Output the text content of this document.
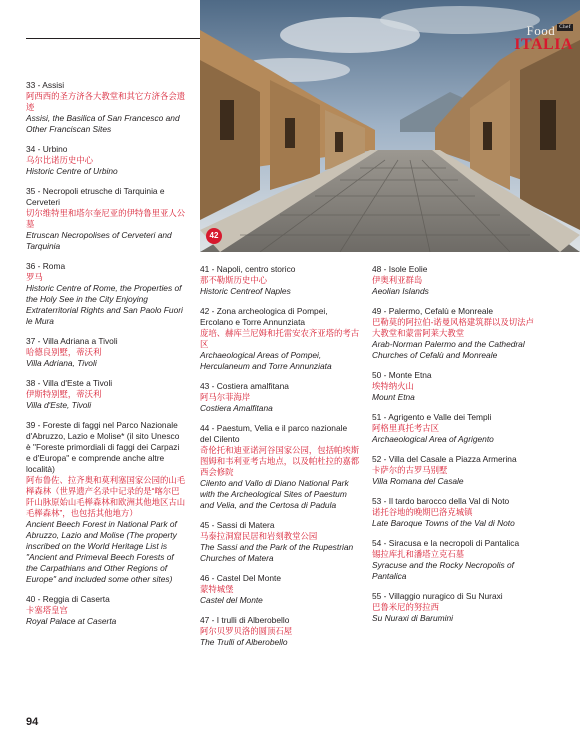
Food Chef
ITALIA
42
33 - Assisi
阿西西的圣方济各大教堂和其它方济各会遗迹
Assisi, the Basilica of San Francesco and Other Franciscan Sites
34 - Urbino
乌尔比诺历史中心
Historic Centre of Urbino
35 - Necropoli etrusche di Tarquinia e Cerveteri
切尔维特里和塔尔奎尼亚的伊特鲁里亚人公墓
Etruscan Necropolises of Cerveteri and Tarquinia
36 - Roma
罗马
Historic Centre of Rome, the Properties of the Holy See in the City Enjoying Extraterritorial Rights and San Paolo Fuori le Mura
37 - Villa Adriana a Tivoli
哈德良别墅，蒂沃利
Villa Adriana, Tivoli
38 - Villa d'Este a Tivoli
伊斯特别墅，蒂沃利
Villa d'Este, Tivoli
39 - Foreste di faggi nel Parco Nazionale d'Abruzzo, Lazio e Molise* (il sito Unesco è "Foreste primordiali di faggi dei Carpazi e d'Europa" e comprende anche altre località)
阿布鲁佐、拉齐奥和莫利塞国家公园的山毛榉森林（世界遗产名录中记录的是“喀尔巴阡山脉原始山毛榉森林和欧洲其他地区古山毛榉森林”，也包括其他地方）
Ancient Beech Forest in National Park of Abruzzo, Lazio and Molise (The property inscribed on the World Heritage List is "Ancient and Primeval Beech Forests of the Carpathians and Other Regions of Europe" and included some other sites)
40 - Reggia di Caserta
卡塞塔皇宫
Royal Palace at Caserta
41 - Napoli, centro storico
那不勒斯历史中心
Historic Centreof Naples
42 - Zona archeologica di Pompei, Ercolano e Torre Annunziata
庞培、赫库兰尼姆和托雷安农齐亚塔的考古区
Archaeological Areas of Pompei, Herculaneum and Torre Annunziata
43 - Costiera amalfitana
阿马尔菲海岸
Costiera Amalfitana
44 - Paestum, Velia e il parco nazionale del Cilento
奇伦托和迪亚诺河谷国家公园，包括帕埃斯图姆和韦利亚考古地点，以及帕杜拉的嘉都西会修院
Cilento and Vallo di Diano National Park with the Archeological Sites of Paestum and Velia, and the Certosa di Padula
45 - Sassi di Matera
马泰拉洞窟民居和岩刻教堂公园
The Sassi and the Park of the Rupestrian Churches of Matera
46 - Castel Del Monte
蒙特城堡
Castel del Monte
47 - I trulli di Alberobello
阿尔贝罗贝洛的圆顶石屋
The Trulli of Alberobello
48 - Isole Eolie
伊奥利亚群岛
Aeolian Islands
49 - Palermo, Cefalù e Monreale
巴勒莫的阿拉伯-诺曼风格建筑群以及切法卢大教堂和蒙雷阿莱大教堂
Arab-Norman Palermo and the Cathedral Churches of Cefalù and Monreale
50 - Monte Etna
埃特纳火山
Mount Etna
51 - Agrigento e Valle dei Templi
阿格里真托考古区
Archaeological Area of Agrigento
52 - Villa del Casale a Piazza Armerina
卡萨尔的古罗马别墅
Villa Romana del Casale
53 - Il tardo barocco della Val di Noto
诺托谷地的晚期巴洛克城镇
Late Baroque Towns of the Val di Noto
54 - Siracusa e la necropoli di Pantalica
锡拉库扎和潘塔立克石墓
Syracuse and the Rocky Necropolis of Pantalica
55 - Villaggio nuragico di Su Nuraxi
巴鲁米尼的努拉西
Su Nuraxi di Barumini
94
